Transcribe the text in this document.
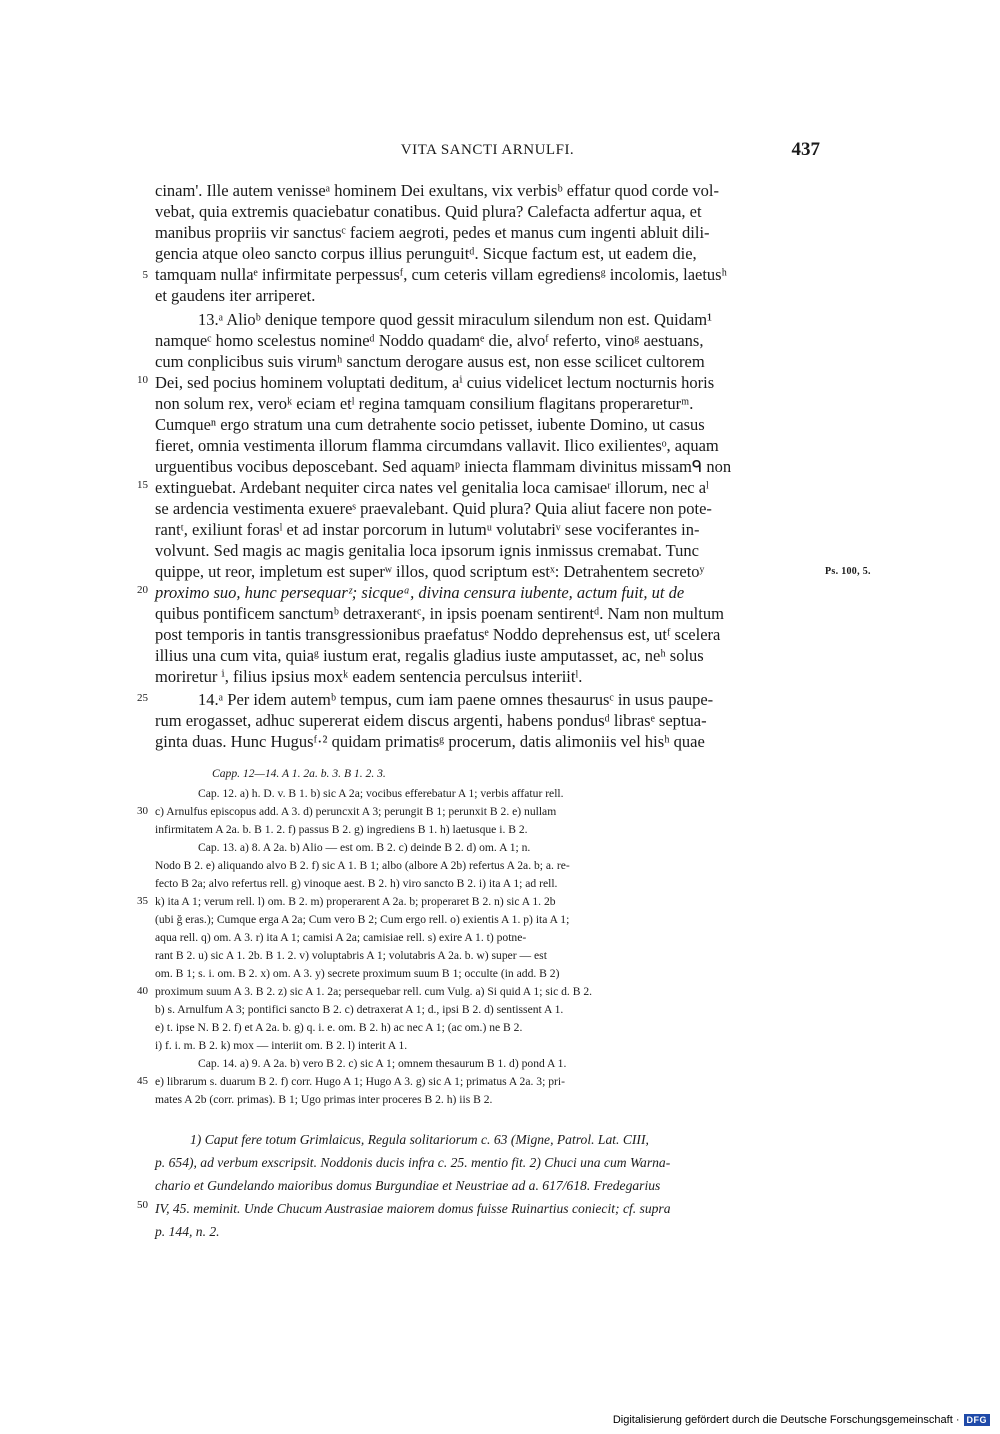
VITA SANCTI ARNULFI.	437
cinam'. Ille autem venisseᵃ hominem Dei exultans, vix verbisᵇ effatur quod corde vol-
vebat, quia extremis quaciebatur conatibus. Quid plura? Calefacta adfertur aqua, et
manibus propriis vir sanctusᶜ faciem aegroti, pedes et manus cum ingenti abluit dili-
gencia atque oleo sancto corpus illius perunguitᵈ. Sicque factum est, ut eadem die,
tamquam nullaᵉ infirmitate perpessusᶠ, cum ceteris villam egrediensᵍ incolomis, laetusʰ
et gaudens iter arriperet.
13.ᵃ Alioᵇ denique tempore quod gessit miraculum silendum non est. Quidam¹
namqueᶜ homo scelestus nomineᵈ Noddo quadamᵉ die, alvoᶠ referto, vinoᵍ aestuans,
cum conplicibus suis virumʰ sanctum derogare ausus est, non esse scilicet cultorem
Dei, sed pocius hominem voluptati deditum, aⁱ cuius videlicet lectum nocturnis horis
non solum rex, veroᵏ eciam etˡ regina tamquam consilium flagitans properareturᵐ.
Cumqueⁿ ergo stratum una cum detrahente socio petisset, iubente Domino, ut casus
fieret, omnia vestimenta illorum flamma circumdans vallavit. Ilico exilientesᵒ, aquam
urguentibus vocibus deposcebant. Sed aquamᵖ iniecta flammam divinitus missamᑫ non
extinguebat. Ardebant nequiter circa nates vel genitalia loca camisaeʳ illorum, nec aˡ
se ardencia vestimenta exuereˢ praevalebant. Quid plura? Quia aliut facere non pote-
rantᵗ, exiliunt forasˡ et ad instar porcorum in lutumᵘ volutabriᵛ sese vociferantes in-
volvunt. Sed magis ac magis genitalia loca ipsorum ignis inmissus cremabat. Tunc
quippe, ut reor, impletum est superʷ illos, quod scriptum estˣ: Detrahentem secretoʸ
proximo suo, hunc persequarᶻ; sicqueᵃ, divina censura iubente, actum fuit, ut de
quibus pontificem sanctumᵇ detraxerantᶜ, in ipsis poenam sentirentᵈ. Nam non multum
post temporis in tantis transgressionibus praefatusᵉ Noddo deprehensus est, utᶠ scelera
illius una cum vita, quiaᵍ iustum erat, regalis gladius iuste amputasset, ac, neʰ solus
moriretur ⁱ, filius ipsius moxᵏ eadem sentencia perculsus interiitˡ.
14.ᵃ Per idem autemᵇ tempus, cum iam paene omnes thesaurusᶜ in usus paupe-
rum erogasset, adhuc supererat eidem discus argenti, habens pondusᵈ librasᵉ septua-
ginta duas. Hunc Hugusᶠ·² quidam primatisᵍ procerum, datis alimoniis vel hisʰ quae
Capp. 12—14. A 1. 2a. b. 3. B 1. 2. 3.
Cap. 12. a) h. D. v. B 1. b) sic A 2a; vocibus efferebatur A 1; verbis affatur rell.
c) Arnulfus episcopus add. A 3. d) peruncxit A 3; perungit B 1; perunxit B 2. e) nullam
infirmitatem A 2a. b. B 1. 2. f) passus B 2. g) ingrediens B 1. h) laetusque i. B 2.
Cap. 13. a) 8. A 2a. b) Alio — est om. B 2. c) deinde B 2. d) om. A 1; n.
Nodo B 2. e) aliquando alvo B 2. f) sic A 1. B 1; albo (albore A 2b) refertus A 2a. b; a. re-
fecto B 2a; alvo refertus rell. g) vinoque aest. B 2. h) viro sancto B 2. i) ita A 1; ad rell.
k) ita A 1; verum rell. l) om. B 2. m) properarent A 2a. b; properaret B 2. n) sic A 1. 2b
(ubi ğ eras.); Cumque erga A 2a; Cum vero B 2; Cum ergo rell. o) exientis A 1. p) ita A 1;
aqua rell. q) om. A 3. r) ita A 1; camisi A 2a; camisiae rell. s) exire A 1. t) potne-
rant B 2. u) sic A 1. 2b. B 1. 2. v) voluptabris A 1; volutabris A 2a. b. w) super — est
om. B 1; s. i. om. B 2. x) om. A 3. y) secrete proximum suum B 1; occulte (in add. B 2)
proximum suum A 3. B 2. z) sic A 1. 2a; persequebar rell. cum Vulg. a) Si quid A 1; sic d. B 2.
b) s. Arnulfum A 3; pontifici sancto B 2. c) detraxerat A 1; d., ipsi B 2. d) sentissent A 1.
e) t. ipse N. B 2. f) et A 2a. b. g) q. i. e. om. B 2. h) ac nec A 1; (ac om.) ne B 2.
i) f. i. m. B 2. k) mox — interiit om. B 2. l) interit A 1.
Cap. 14. a) 9. A 2a. b) vero B 2. c) sic A 1; omnem thesaurum B 1. d) pond A 1.
e) librarum s. duarum B 2. f) corr. Hugo A 1; Hugo A 3. g) sic A 1; primatus A 2a. 3; pri-
mates A 2b (corr. primas). B 1; Ugo primas inter proceres B 2. h) iis B 2.
1) Caput fere totum Grimlaicus, Regula solitariorum c. 63 (Migne, Patrol. Lat. CIII,
p. 654), ad verbum exscripsit. Noddonis ducis infra c. 25. mentio fit. 2) Chuci una cum Warna-
chario et Gundelando maioribus domus Burgundiae et Neustriae ad a. 617/618. Fredegarius
IV, 45. meminit. Unde Chucum Austrasiae maiorem domus fuisse Ruinartius coniecit; cf. supra
p. 144, n. 2.
5
10
15
20
25
30
35
40
45
50
Ps. 100, 5.
Digitalisierung gefördert durch die Deutsche Forschungsgemeinschaft · DFG
